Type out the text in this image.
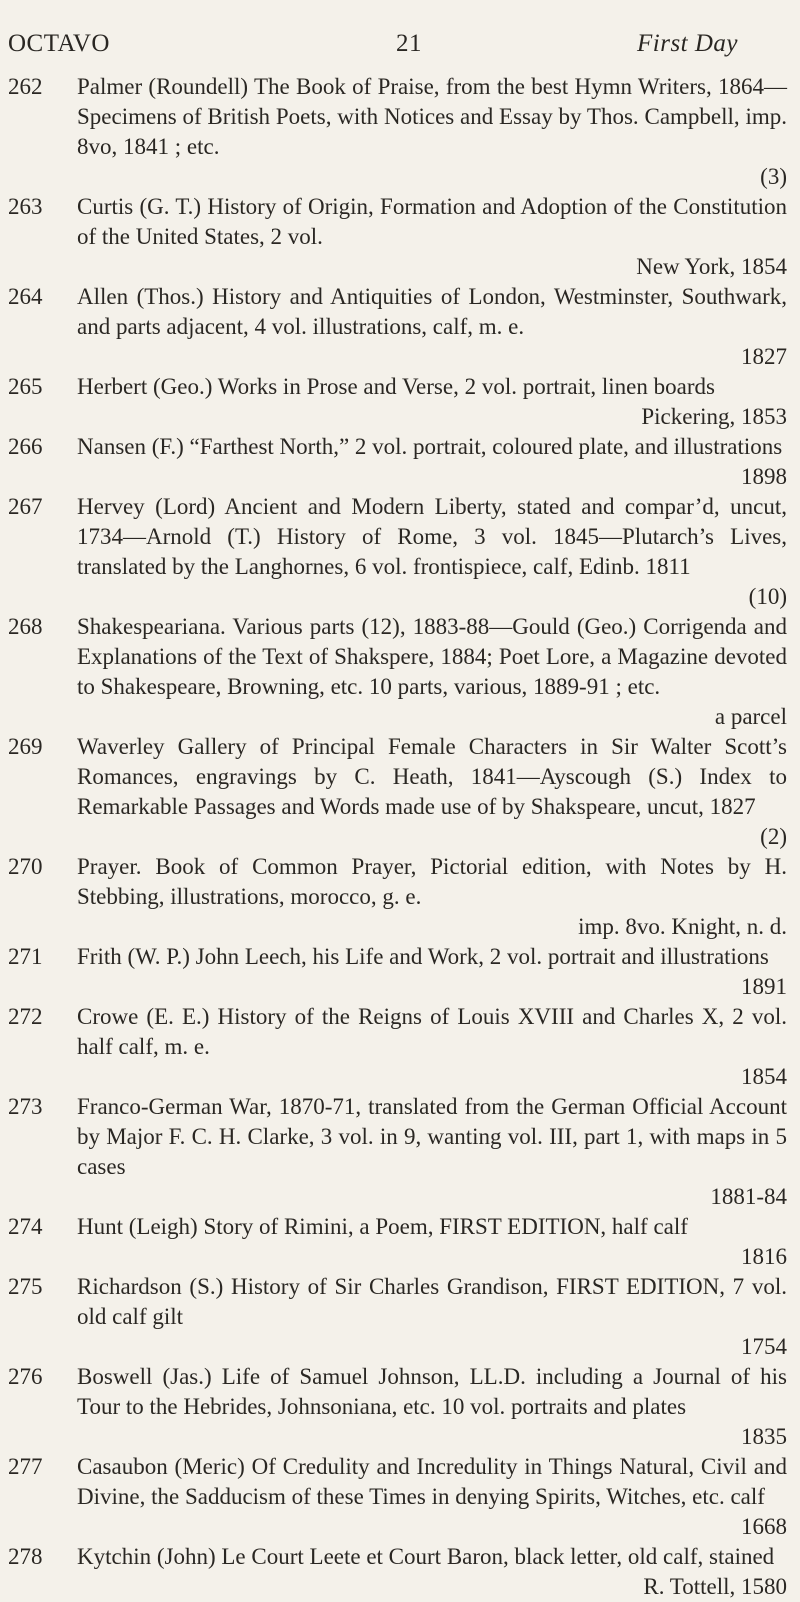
OCTAVO	21	First Day
262	Palmer (Roundell) The Book of Praise, from the best Hymn Writers, 1864—Specimens of British Poets, with Notices and Essay by Thos. Campbell, imp. 8vo, 1841 ; etc.
(3)
263	Curtis (G. T.) History of Origin, Formation and Adoption of the Constitution of the United States, 2 vol.
New York, 1854
264	Allen (Thos.) History and Antiquities of London, Westminster, Southwark, and parts adjacent, 4 vol. illustrations, calf, m. e.
1827
265	Herbert (Geo.) Works in Prose and Verse, 2 vol. portrait, linen boards
Pickering, 1853
266	Nansen (F.) “Farthest North,” 2 vol. portrait, coloured plate, and illustrations
1898
267	Hervey (Lord) Ancient and Modern Liberty, stated and compar’d, uncut, 1734—Arnold (T.) History of Rome, 3 vol. 1845—Plutarch’s Lives, translated by the Langhornes, 6 vol. frontispiece, calf, Edinb. 1811
(10)
268	Shakespeariana. Various parts (12), 1883-88—Gould (Geo.) Corrigenda and Explanations of the Text of Shakspere, 1884; Poet Lore, a Magazine devoted to Shakespeare, Browning, etc. 10 parts, various, 1889-91 ; etc.
a parcel
269	Waverley Gallery of Principal Female Characters in Sir Walter Scott’s Romances, engravings by C. Heath, 1841—Ayscough (S.) Index to Remarkable Passages and Words made use of by Shakspeare, uncut, 1827
(2)
270	Prayer. Book of Common Prayer, Pictorial edition, with Notes by H. Stebbing, illustrations, morocco, g. e.
imp. 8vo. Knight, n. d.
271	Frith (W. P.) John Leech, his Life and Work, 2 vol. portrait and illustrations
1891
272	Crowe (E. E.) History of the Reigns of Louis XVIII and Charles X, 2 vol. half calf, m. e.
1854
273	Franco-German War, 1870-71, translated from the German Official Account by Major F. C. H. Clarke, 3 vol. in 9, wanting vol. III, part 1, with maps in 5 cases
1881-84
274	Hunt (Leigh) Story of Rimini, a Poem, FIRST EDITION, half calf
1816
275	Richardson (S.) History of Sir Charles Grandison, FIRST EDITION, 7 vol. old calf gilt
1754
276	Boswell (Jas.) Life of Samuel Johnson, LL.D. including a Journal of his Tour to the Hebrides, Johnsoniana, etc. 10 vol. portraits and plates
1835
277	Casaubon (Meric) Of Credulity and Incredulity in Things Natural, Civil and Divine, the Sadducism of these Times in denying Spirits, Witches, etc. calf
1668
278	Kytchin (John) Le Court Leete et Court Baron, black letter, old calf, stained
R. Tottell, 1580
